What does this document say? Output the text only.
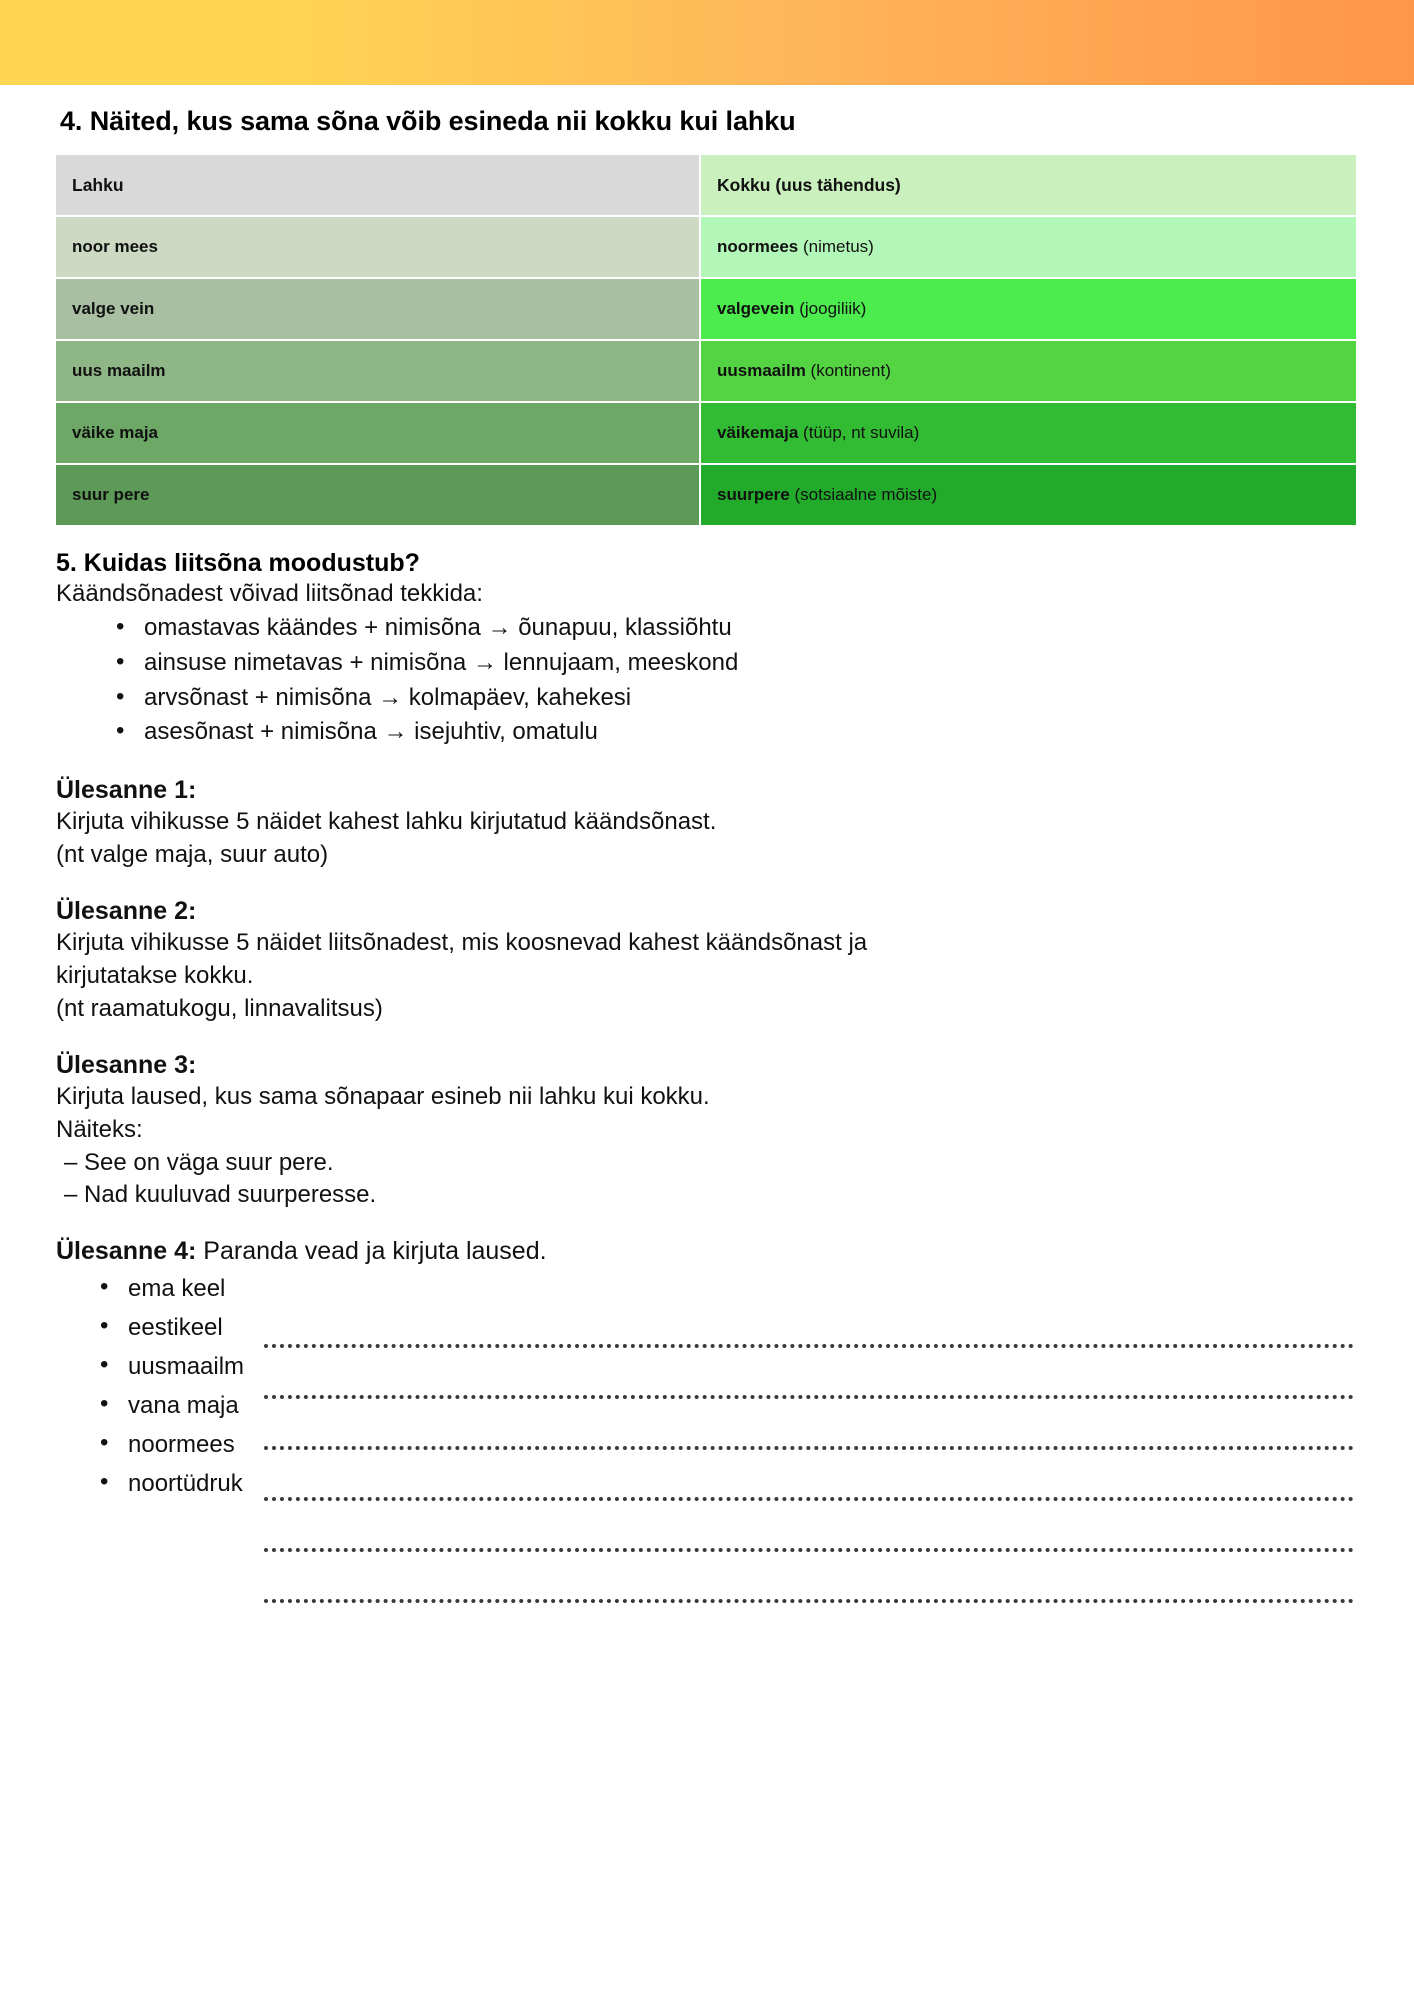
4. Näited, kus sama sõna võib esineda nii kokku kui lahku
Lahku	Kokku (uus tähendus)
noor mees	noormees (nimetus)
valge vein	valgevein (joogiliik)
uus maailm	uusmaailm (kontinent)
väike maja	väikemaja (tüüp, nt suvila)
suur pere	suurpere (sotsiaalne mõiste)
5. Kuidas liitsõna moodustub?

Käändsõnadest võivad liitsõnad tekkida:

• omastavas käändes + nimisõna → õunapuu, klassiõhtu
• ainsuse nimetavas + nimisõna → lennujaam, meeskond
• arvsõnast + nimisõna → kolmapäev, kahekesi
• asesõnast + nimisõna → isejuhtiv, omatulu
Ülesanne 1:
Kirjuta vihikusse 5 näidet kahest lahku kirjutatud käändsõnast.
(nt valge maja, suur auto)
Ülesanne 2:
Kirjuta vihikusse 5 näidet liitsõnadest, mis koosnevad kahest käändsõnast ja
kirjutatakse kokku.
(nt raamatukogu, linnavalitsus)
Ülesanne 3:
Kirjuta laused, kus sama sõnapaar esineb nii lahku kui kokku.
Näiteks:
– See on väga suur pere.
– Nad kuuluvad suurperesse.
Ülesanne 4: Paranda vead ja kirjuta laused.
• ema keel
• eestikeel
• uusmaailm
• vana maja
• noormees
• noortüdruk
